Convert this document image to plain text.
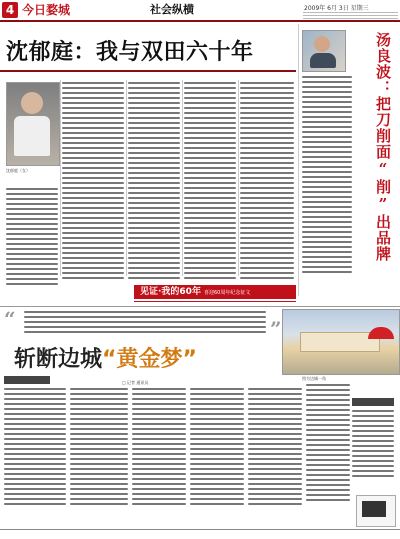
4 今日婺城	社会纵横	2009年 6月 3日 星期三
沈郁庭：我与双田六十年
沈郁庭（女）	汤良波：把刀削面“削”出品牌
见证·我的60年 喜迎60周年纪念征文
“	”
斩断边城“黄金梦”
□ 记者 通讯员
图为边城一角
